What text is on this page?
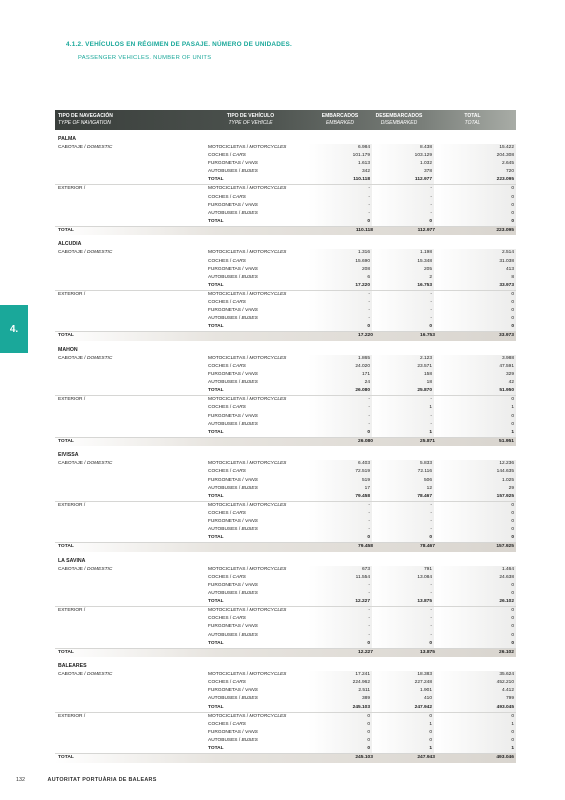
4.1.2. VEHÍCULOS EN RÉGIMEN DE PASAJE. NÚMERO DE UNIDADES.
PASSENGER VEHICLES. NUMBER OF UNITS
4.
TIPO DE NAVEGACIÓN
TYPE OF NAVIGATION
TIPO DE VEHÍCULO
TYPE OF VEHICLE
EMBARCADOS
EMBARKED
DESEMBARCADOS
DISEMBARKED
TOTAL
TOTAL
PALMA
CABOTAJE / DOMESTIC	MOTOCICLETAS / MOTORCYCLES	6.984	8.438	15.422
COCHES / CARS	101.179	103.129	204.308
FURGONETAS / VANS	1.613	1.032	2.645
AUTOBUSES / BUSES	342	378	720
TOTAL	110.118	112.977	223.095
EXTERIOR /	MOTOCICLETAS / MOTORCYCLES	-	-	0
COCHES / CARS	-	-	0
FURGONETAS / VANS	-	-	0
AUTOBUSES / BUSES	-	-	0
TOTAL	0	0	0
TOTAL	110.118	112.977	223.095
ALCUDIA
CABOTAJE / DOMESTIC	MOTOCICLETAS / MOTORCYCLES	1.316	1.198	2.514
COCHES / CARS	15.690	15.348	31.038
FURGONETAS / VANS	208	205	413
AUTOBUSES / BUSES	6	2	8
TOTAL	17.220	16.753	33.973
EXTERIOR /	MOTOCICLETAS / MOTORCYCLES	-	-	0
COCHES / CARS	-	-	0
FURGONETAS / VANS	-	-	0
AUTOBUSES / BUSES	-	-	0
TOTAL	0	0	0
TOTAL	17.220	16.753	33.973
MAHON
CABOTAJE / DOMESTIC	MOTOCICLETAS / MOTORCYCLES	1.865	2.123	3.988
COCHES / CARS	24.020	23.571	47.591
FURGONETAS / VANS	171	158	329
AUTOBUSES / BUSES	24	18	42
TOTAL	26.080	25.870	51.950
EXTERIOR /	MOTOCICLETAS / MOTORCYCLES	-	-	0
COCHES / CARS	-	1	1
FURGONETAS / VANS	-	-	0
AUTOBUSES / BUSES	-	-	0
TOTAL	0	1	1
TOTAL	26.080	25.871	51.951
EIVISSA
CABOTAJE / DOMESTIC	MOTOCICLETAS / MOTORCYCLES	6.403	5.833	12.236
COCHES / CARS	72.519	72.116	144.635
FURGONETAS / VANS	519	506	1.025
AUTOBUSES / BUSES	17	12	29
TOTAL	79.458	78.467	157.925
EXTERIOR /	MOTOCICLETAS / MOTORCYCLES	-	-	0
COCHES / CARS	-	-	0
FURGONETAS / VANS	-	-	0
AUTOBUSES / BUSES	-	-	0
TOTAL	0	0	0
TOTAL	79.458	78.467	157.925
LA SAVINA
CABOTAJE / DOMESTIC	MOTOCICLETAS / MOTORCYCLES	673	791	1.464
COCHES / CARS	11.554	13.084	24.638
FURGONETAS / VANS	-	-	0
AUTOBUSES / BUSES	-	-	0
TOTAL	12.227	13.875	26.102
EXTERIOR /	MOTOCICLETAS / MOTORCYCLES	-	-	0
COCHES / CARS	-	-	0
FURGONETAS / VANS	-	-	0
AUTOBUSES / BUSES	-	-	0
TOTAL	0	0	0
TOTAL	12.227	13.875	26.102
BALEARES
CABOTAJE / DOMESTIC	MOTOCICLETAS / MOTORCYCLES	17.241	18.383	35.624
COCHES / CARS	224.962	227.248	452.210
FURGONETAS / VANS	2.511	1.901	4.412
AUTOBUSES / BUSES	389	410	799
TOTAL	245.103	247.942	493.045
EXTERIOR /	MOTOCICLETAS / MOTORCYCLES	0	0	0
COCHES / CARS	0	1	1
FURGONETAS / VANS	0	0	0
AUTOBUSES / BUSES	0	0	0
TOTAL	0	1	1
TOTAL	245.103	247.943	493.046
132	AUTORITAT PORTUÀRIA DE BALEARS
